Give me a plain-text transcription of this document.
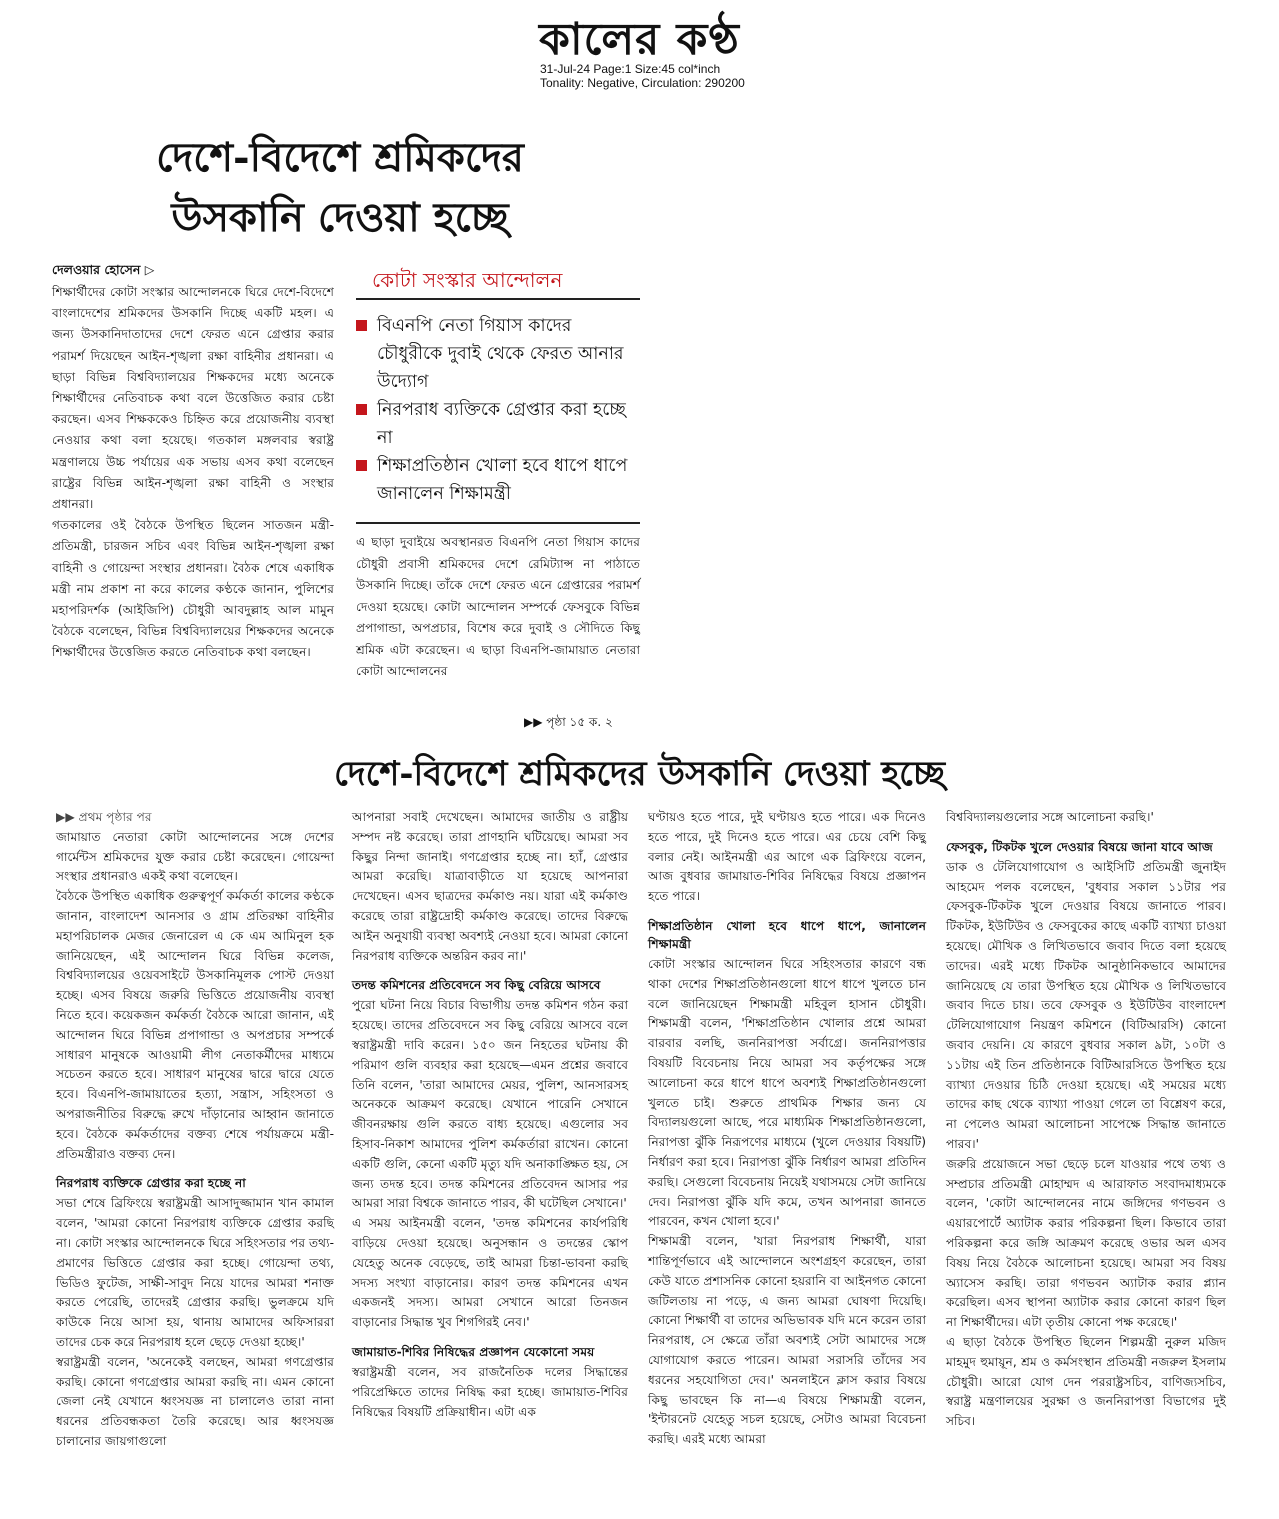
কালের কণ্ঠ
31-Jul-24 Page:1 Size:45 col*inch
Tonality: Negative, Circulation: 290200
দেশে-বিদেশে শ্রমিকদের
উসকানি দেওয়া হচ্ছে
দেলওয়ার হোসেন ▷

শিক্ষার্থীদের কোটা সংস্কার আন্দোলনকে ঘিরে দেশে-বিদেশে বাংলাদেশের শ্রমিকদের উসকানি দিচ্ছে একটি মহল। এ জন্য উসকানিদাতাদের দেশে ফেরত এনে গ্রেপ্তার করার পরামর্শ দিয়েছেন আইন-শৃঙ্খলা রক্ষা বাহিনীর প্রধানরা। এ ছাড়া বিভিন্ন বিশ্ববিদ্যালয়ের শিক্ষকদের মধ্যে অনেকে শিক্ষার্থীদের নেতিবাচক কথা বলে উত্তেজিত করার চেষ্টা করছেন। এসব শিক্ষককেও চিহ্নিত করে প্রয়োজনীয় ব্যবস্থা নেওয়ার কথা বলা হয়েছে। গতকাল মঙ্গলবার স্বরাষ্ট্র মন্ত্রণালয়ে উচ্চ পর্যায়ের এক সভায় এসব কথা বলেছেন রাষ্ট্রের বিভিন্ন আইন-শৃঙ্খলা রক্ষা বাহিনী ও সংস্থার প্রধানরা।

গতকালের ওই বৈঠকে উপস্থিত ছিলেন সাতজন মন্ত্রী-প্রতিমন্ত্রী, চারজন সচিব এবং বিভিন্ন আইন-শৃঙ্খলা রক্ষা বাহিনী ও গোয়েন্দা সংস্থার প্রধানরা। বৈঠক শেষে একাধিক মন্ত্রী নাম প্রকাশ না করে কালের কণ্ঠকে জানান, পুলিশের মহাপরিদর্শক (আইজিপি) চৌধুরী আবদুল্লাহ আল মামুন বৈঠকে বলেছেন, বিভিন্ন বিশ্ববিদ্যালয়ের শিক্ষকদের অনেকে শিক্ষার্থীদের উত্তেজিত করতে নেতিবাচক কথা বলছেন।

কোটা সংস্কার আন্দোলন
বিএনপি নেতা গিয়াস কাদের চৌধুরীকে দুবাই থেকে ফেরত আনার উদ্যোগ
নিরপরাধ ব্যক্তিকে গ্রেপ্তার করা হচ্ছে না
শিক্ষাপ্রতিষ্ঠান খোলা হবে ধাপে ধাপে জানালেন শিক্ষামন্ত্রী

এ ছাড়া দুবাইয়ে অবস্থানরত বিএনপি নেতা গিয়াস কাদের চৌধুরী প্রবাসী শ্রমিকদের দেশে রেমিট্যান্স না পাঠাতে উসকানি দিচ্ছে। তাঁকে দেশে ফেরত এনে গ্রেপ্তারের পরামর্শ দেওয়া হয়েছে। কোটা আন্দোলন সম্পর্কে ফেসবুকে বিভিন্ন প্রপাগান্ডা, অপপ্রচার, বিশেষ করে দুবাই ও সৌদিতে কিছু শ্রমিক এটা করেছেন। এ ছাড়া বিএনপি-জামায়াত নেতারা কোটা আন্দোলনের

▶▶ পৃষ্ঠা ১৫ ক. ২
দেশে-বিদেশে শ্রমিকদের উসকানি দেওয়া হচ্ছে

▶▶ প্রথম পৃষ্ঠার পর

জামায়াত নেতারা কোটা আন্দোলনের সঙ্গে দেশের গার্মেন্টস শ্রমিকদের যুক্ত করার চেষ্টা করেছেন। গোয়েন্দা সংস্থার প্রধানরাও একই কথা বলেছেন।

বৈঠকে উপস্থিত একাধিক গুরুত্বপূর্ণ কর্মকর্তা কালের কণ্ঠকে জানান, বাংলাদেশ আনসার ও গ্রাম প্রতিরক্ষা বাহিনীর মহাপরিচালক মেজর জেনারেল এ কে এম আমিনুল হক জানিয়েছেন, এই আন্দোলন ঘিরে বিভিন্ন কলেজ, বিশ্ববিদ্যালয়ের ওয়েবসাইটে উসকানিমূলক পোস্ট দেওয়া হচ্ছে। এসব বিষয়ে জরুরি ভিত্তিতে প্রয়োজনীয় ব্যবস্থা নিতে হবে। কয়েকজন কর্মকর্তা বৈঠকে আরো জানান, এই আন্দোলন ঘিরে বিভিন্ন প্রপাগান্ডা ও অপপ্রচার সম্পর্কে সাধারণ মানুষকে আওয়ামী লীগ নেতাকর্মীদের মাধ্যমে সচেতন করতে হবে। সাধারণ মানুষের দ্বারে দ্বারে যেতে হবে। বিএনপি-জামায়াতের হত্যা, সন্ত্রাস, সহিংসতা ও অপরাজনীতির বিরুদ্ধে রুখে দাঁড়ানোর আহ্বান জানাতে হবে। বৈঠকে কর্মকর্তাদের বক্তব্য শেষে পর্যায়ক্রমে মন্ত্রী-প্রতিমন্ত্রীরাও বক্তব্য দেন।

নিরপরাধ ব্যক্তিকে গ্রেপ্তার করা হচ্ছে না

সভা শেষে ব্রিফিংয়ে স্বরাষ্ট্রমন্ত্রী আসাদুজ্জামান খান কামাল বলেন, 'আমরা কোনো নিরপরাধ ব্যক্তিকে গ্রেপ্তার করছি না। কোটা সংস্কার আন্দোলনকে ঘিরে সহিংসতার পর তথ্য-প্রমাণের ভিত্তিতে গ্রেপ্তার করা হচ্ছে। গোয়েন্দা তথ্য, ভিডিও ফুটেজ, সাক্ষী-সাবুদ নিয়ে যাদের আমরা শনাক্ত করতে পেরেছি, তাদেরই গ্রেপ্তার করছি। ভুলক্রমে যদি কাউকে নিয়ে আসা হয়, থানায় আমাদের অফিসাররা তাদের চেক করে নিরপরাধ হলে ছেড়ে দেওয়া হচ্ছে।'

স্বরাষ্ট্রমন্ত্রী বলেন, 'অনেকেই বলছেন, আমরা গণগ্রেপ্তার করছি। কোনো গণগ্রেপ্তার আমরা করছি না। এমন কোনো জেলা নেই যেখানে ধ্বংসযজ্ঞ না চালালেও তারা নানা ধরনের প্রতিবন্ধকতা তৈরি করেছে। আর ধ্বংসযজ্ঞ চালানোর জায়গাগুলো

আপনারা সবাই দেখেছেন। আমাদের জাতীয় ও রাষ্ট্রীয় সম্পদ নষ্ট করেছে। তারা প্রাণহানি ঘটিয়েছে। আমরা সব কিছুর নিন্দা জানাই। গণগ্রেপ্তার হচ্ছে না। হ্যাঁ, গ্রেপ্তার আমরা করেছি। যাত্রাবাড়ীতে যা হয়েছে আপনারা দেখেছেন। এসব ছাত্রদের কর্মকাণ্ড নয়। যারা এই কর্মকাণ্ড করেছে তারা রাষ্ট্রদ্রোহী কর্মকাণ্ড করেছে। তাদের বিরুদ্ধে আইন অনুযায়ী ব্যবস্থা অবশ্যই নেওয়া হবে। আমরা কোনো নিরপরাধ ব্যক্তিকে অন্তরিন করব না।'

তদন্ত কমিশনের প্রতিবেদনে সব কিছু বেরিয়ে আসবে

পুরো ঘটনা নিয়ে বিচার বিভাগীয় তদন্ত কমিশন গঠন করা হয়েছে। তাদের প্রতিবেদনে সব কিছু বেরিয়ে আসবে বলে স্বরাষ্ট্রমন্ত্রী দাবি করেন। ১৫০ জন নিহতের ঘটনায় কী পরিমাণ গুলি ব্যবহার করা হয়েছে—এমন প্রশ্নের জবাবে তিনি বলেন, 'তারা আমাদের মেয়র, পুলিশ, আনসারসহ অনেককে আক্রমণ করেছে। যেখানে পারেনি সেখানে জীবনরক্ষায় গুলি করতে বাধ্য হয়েছে। এগুলোর সব হিসাব-নিকাশ আমাদের পুলিশ কর্মকর্তারা রাখেন। কোনো একটি গুলি, কেনো একটি মৃত্যু যদি অনাকাঙ্ক্ষিত হয়, সে জন্য তদন্ত হবে। তদন্ত কমিশনের প্রতিবেদন আসার পর আমরা সারা বিশ্বকে জানাতে পারব, কী ঘটেছিল সেখানে।'

এ সময় আইনমন্ত্রী বলেন, 'তদন্ত কমিশনের কার্যপরিধি বাড়িয়ে দেওয়া হয়েছে। অনুসন্ধান ও তদন্তের স্কোপ যেহেতু অনেক বেড়েছে, তাই আমরা চিন্তা-ভাবনা করছি সদস্য সংখ্যা বাড়ানোর। কারণ তদন্ত কমিশনের এখন একজনই সদস্য। আমরা সেখানে আরো তিনজন বাড়ানোর সিদ্ধান্ত খুব শিগগিরই নেব।'

জামায়াত-শিবির নিষিদ্ধের প্রজ্ঞাপন যেকোনো সময়

স্বরাষ্ট্রমন্ত্রী বলেন, সব রাজনৈতিক দলের সিদ্ধান্তের পরিপ্রেক্ষিতে তাদের নিষিদ্ধ করা হচ্ছে। জামায়াত-শিবির নিষিদ্ধের বিষয়টি প্রক্রিয়াধীন। এটা এক

ঘণ্টায়ও হতে পারে, দুই ঘণ্টায়ও হতে পারে। এক দিনেও হতে পারে, দুই দিনেও হতে পারে। এর চেয়ে বেশি কিছু বলার নেই। আইনমন্ত্রী এর আগে এক ব্রিফিংয়ে বলেন, আজ বুধবার জামায়াত-শিবির নিষিদ্ধের বিষয়ে প্রজ্ঞাপন হতে পারে।

শিক্ষাপ্রতিষ্ঠান খোলা হবে ধাপে ধাপে, জানালেন শিক্ষামন্ত্রী

কোটা সংস্কার আন্দোলন ঘিরে সহিংসতার কারণে বন্ধ থাকা দেশের শিক্ষাপ্রতিষ্ঠানগুলো ধাপে ধাপে খুলতে চান বলে জানিয়েছেন শিক্ষামন্ত্রী মহিবুল হাসান চৌধুরী। শিক্ষামন্ত্রী বলেন, 'শিক্ষাপ্রতিষ্ঠান খোলার প্রশ্নে আমরা বারবার বলছি, জননিরাপত্তা সর্বাগ্রে। জননিরাপত্তার বিষয়টি বিবেচনায় নিয়ে আমরা সব কর্তৃপক্ষের সঙ্গে আলোচনা করে ধাপে ধাপে অবশ্যই শিক্ষাপ্রতিষ্ঠানগুলো খুলতে চাই। শুরুতে প্রাথমিক শিক্ষার জন্য যে বিদ্যালয়গুলো আছে, পরে মাধ্যমিক শিক্ষাপ্রতিষ্ঠানগুলো, নিরাপত্তা ঝুঁকি নিরূপণের মাধ্যমে (খুলে দেওয়ার বিষয়টি) নির্ধারণ করা হবে। নিরাপত্তা ঝুঁকি নির্ধারণ আমরা প্রতিদিন করছি। সেগুলো বিবেচনায় নিয়েই যথাসময়ে সেটা জানিয়ে দেব। নিরাপত্তা ঝুঁকি যদি কমে, তখন আপনারা জানতে পারবেন, কখন খোলা হবে।'

শিক্ষামন্ত্রী বলেন, 'যারা নিরপরাধ শিক্ষার্থী, যারা শান্তিপূর্ণভাবে এই আন্দোলনে অংশগ্রহণ করেছেন, তারা কেউ যাতে প্রশাসনিক কোনো হয়রানি বা আইনগত কোনো জটিলতায় না পড়ে, এ জন্য আমরা ঘোষণা দিয়েছি। কোনো শিক্ষার্থী বা তাদের অভিভাবক যদি মনে করেন তারা নিরপরাধ, সে ক্ষেত্রে তাঁরা অবশ্যই সেটা আমাদের সঙ্গে যোগাযোগ করতে পারেন। আমরা সরাসরি তাঁদের সব ধরনের সহযোগিতা দেব।' অনলাইনে ক্লাস করার বিষয়ে কিছু ভাবছেন কি না—এ বিষয়ে শিক্ষামন্ত্রী বলেন, 'ইন্টারনেট যেহেতু সচল হয়েছে, সেটাও আমরা বিবেচনা করছি। এরই মধ্যে আমরা

বিশ্ববিদ্যালয়গুলোর সঙ্গে আলোচনা করছি।'

ফেসবুক, টিকটক খুলে দেওয়ার বিষয়ে জানা যাবে আজ

ডাক ও টেলিযোগাযোগ ও আইসিটি প্রতিমন্ত্রী জুনাইদ আহমেদ পলক বলেছেন, 'বুধবার সকাল ১১টার পর ফেসবুক-টিকটক খুলে দেওয়ার বিষয়ে জানাতে পারব। টিকটক, ইউটিউব ও ফেসবুকের কাছে একটি ব্যাখ্যা চাওয়া হয়েছে। মৌখিক ও লিখিতভাবে জবাব দিতে বলা হয়েছে তাদের। এরই মধ্যে টিকটক আনুষ্ঠানিকভাবে আমাদের জানিয়েছে যে তারা উপস্থিত হয়ে মৌখিক ও লিখিতভাবে জবাব দিতে চায়। তবে ফেসবুক ও ইউটিউব বাংলাদেশ টেলিযোগাযোগ নিয়ন্ত্রণ কমিশনে (বিটিআরসি) কোনো জবাব দেয়নি। যে কারণে বুধবার সকাল ৯টা, ১০টা ও ১১টায় এই তিন প্রতিষ্ঠানকে বিটিআরসিতে উপস্থিত হয়ে ব্যাখ্যা দেওয়ার চিঠি দেওয়া হয়েছে। এই সময়ের মধ্যে তাদের কাছ থেকে ব্যাখ্যা পাওয়া গেলে তা বিশ্লেষণ করে, না পেলেও আমরা আলোচনা সাপেক্ষে সিদ্ধান্ত জানাতে পারব।'

জরুরি প্রয়োজনে সভা ছেড়ে চলে যাওয়ার পথে তথ্য ও সম্প্রচার প্রতিমন্ত্রী মোহাম্মদ এ আরাফাত সংবাদমাধ্যমকে বলেন, 'কোটা আন্দোলনের নামে জঙ্গিদের গণভবন ও এয়ারপোর্টে অ্যাটাক করার পরিকল্পনা ছিল। কিভাবে তারা পরিকল্পনা করে জঙ্গি আক্রমণ করেছে ওভার অল এসব বিষয় নিয়ে বৈঠকে আলোচনা হয়েছে। আমরা সব বিষয় অ্যাসেস করছি। তারা গণভবন অ্যাটাক করার প্ল্যান করেছিল। এসব স্থাপনা অ্যাটাক করার কোনো কারণ ছিল না শিক্ষার্থীদের। এটা তৃতীয় কোনো পক্ষ করেছে।'

এ ছাড়া বৈঠকে উপস্থিত ছিলেন শিল্পমন্ত্রী নুরুল মজিদ মাহমুদ হুমায়ূন, শ্রম ও কর্মসংস্থান প্রতিমন্ত্রী নজরুল ইসলাম চৌধুরী। আরো যোগ দেন পররাষ্ট্রসচিব, বাণিজ্যসচিব, স্বরাষ্ট্র মন্ত্রণালয়ের সুরক্ষা ও জননিরাপত্তা বিভাগের দুই সচিব।
